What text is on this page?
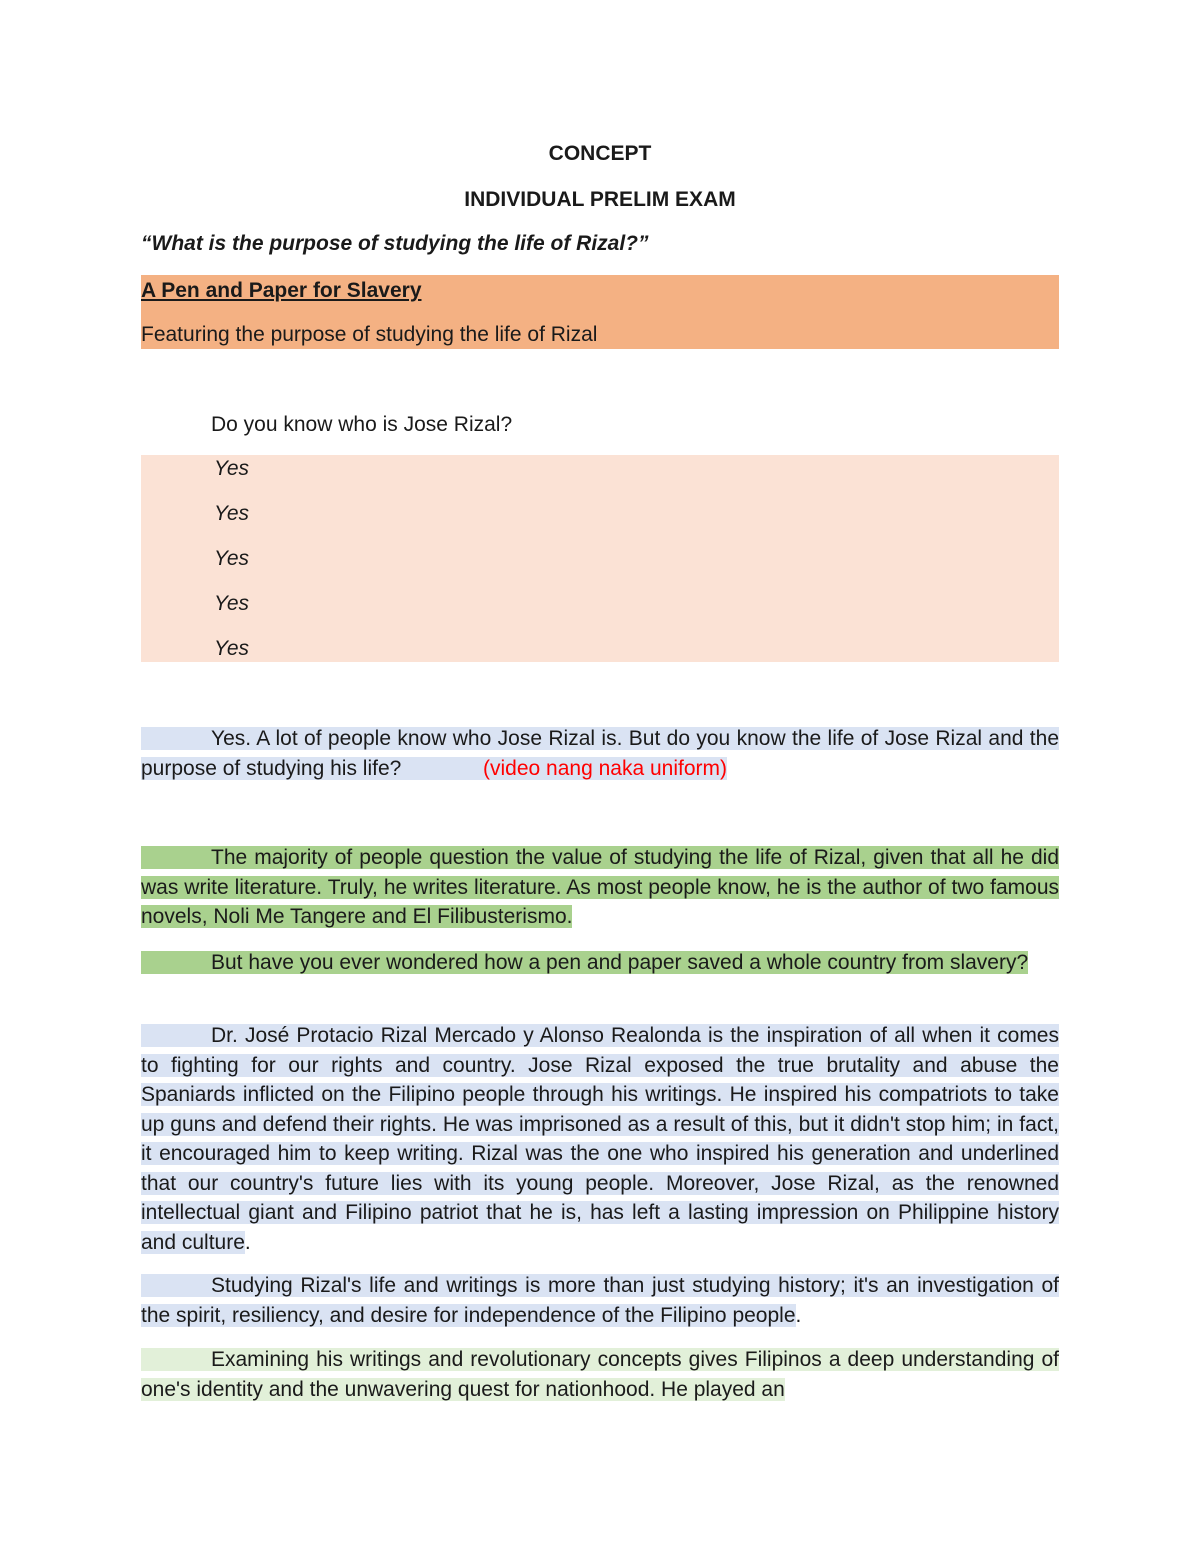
CONCEPT
INDIVIDUAL PRELIM EXAM
“What is the purpose of studying the life of Rizal?”
A Pen and Paper for Slavery
Featuring the purpose of studying the life of Rizal
Do you know who is Jose Rizal?
Yes
Yes
Yes
Yes
Yes
Yes. A lot of people know who Jose Rizal is. But do you know the life of Jose Rizal and the purpose of studying his life?	(video nang naka uniform)
The majority of people question the value of studying the life of Rizal, given that all he did was write literature. Truly, he writes literature. As most people know, he is the author of two famous novels, Noli Me Tangere and El Filibusterismo.
But have you ever wondered how a pen and paper saved a whole country from slavery?
Dr. José Protacio Rizal Mercado y Alonso Realonda is the inspiration of all when it comes to fighting for our rights and country. Jose Rizal exposed the true brutality and abuse the Spaniards inflicted on the Filipino people through his writings. He inspired his compatriots to take up guns and defend their rights. He was imprisoned as a result of this, but it didn't stop him; in fact, it encouraged him to keep writing. Rizal was the one who inspired his generation and underlined that our country's future lies with its young people. Moreover, Jose Rizal, as the renowned intellectual giant and Filipino patriot that he is, has left a lasting impression on Philippine history and culture.
Studying Rizal's life and writings is more than just studying history; it's an investigation of the spirit, resiliency, and desire for independence of the Filipino people.
Examining his writings and revolutionary concepts gives Filipinos a deep understanding of one's identity and the unwavering quest for nationhood. He played an
